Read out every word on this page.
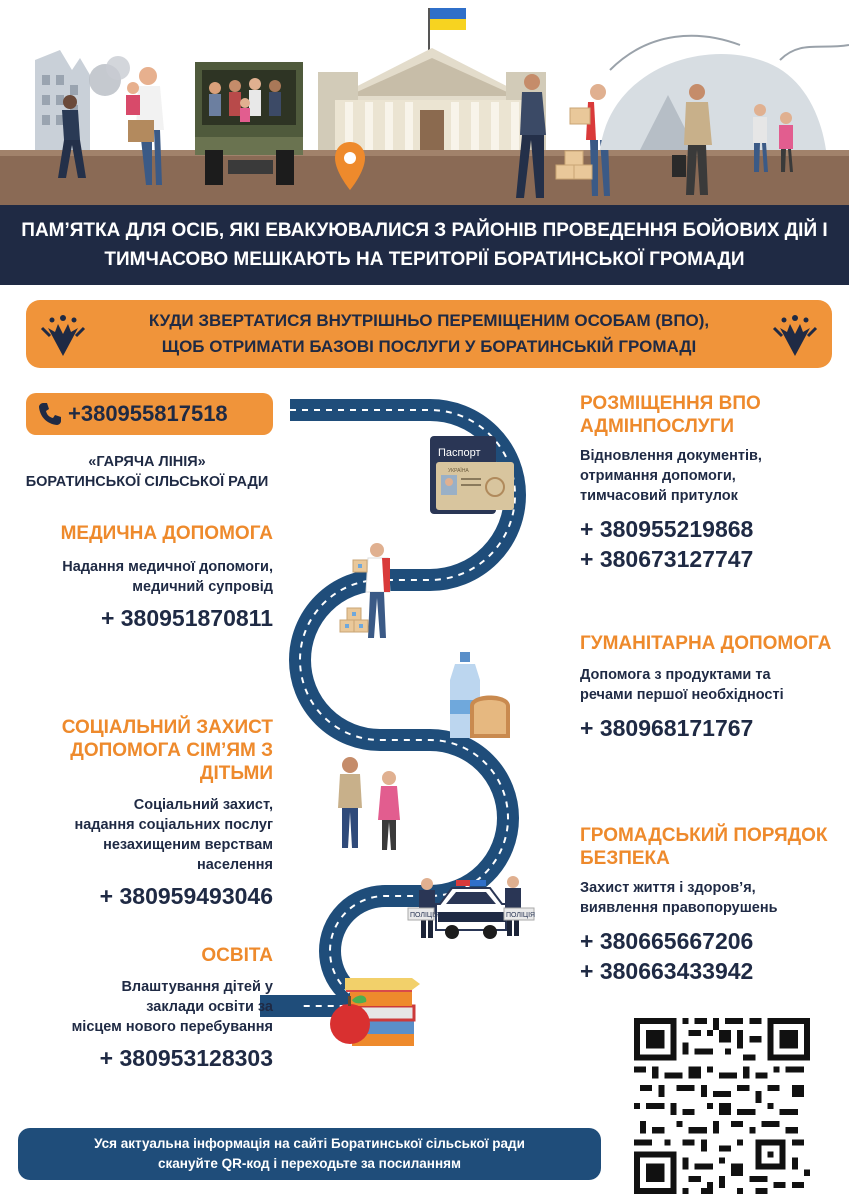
ПАМ’ЯТКА ДЛЯ ОСІБ, ЯКІ ЕВАКУЮВАЛИСЯ З РАЙОНІВ ПРОВЕДЕННЯ БОЙОВИХ ДІЙ І
ТИМЧАСОВО МЕШКАЮТЬ НА ТЕРИТОРІЇ БОРАТИНСЬКОЇ ГРОМАДИ
КУДИ ЗВЕРТАТИСЯ ВНУТРІШНЬО ПЕРЕМІЩЕНИМ ОСОБАМ (ВПО),
ЩОБ ОТРИМАТИ БАЗОВІ ПОСЛУГИ У БОРАТИНСЬКІЙ ГРОМАДІ
Паспорт
УКРАЇНА
ПОЛІЦІЯ	ПОЛІЦІЯ
+380955817518
«ГАРЯЧА ЛІНІЯ»
БОРАТИНСЬКОЇ СІЛЬСЬКОЇ РАДИ
МЕДИЧНА ДОПОМОГА
Надання медичної допомоги,
медичний супровід
+ 380951870811
СОЦІАЛЬНИЙ ЗАХИСТ
ДОПОМОГА СІМ’ЯМ З ДІТЬМИ
Соціальний захист,
надання соціальних послуг
незахищеним верствам
населення
+ 380959493046
ОСВІТА
Влаштування дітей у
заклади освіти за
місцем нового перебування
+ 380953128303
РОЗМІЩЕННЯ ВПО
АДМІНПОСЛУГИ
Відновлення документів,
отримання допомоги,
тимчасовий притулок
+ 380955219868
+ 380673127747
ГУМАНІТАРНА ДОПОМОГА
Допомога з продуктами та
речами першої необхідності
+ 380968171767
ГРОМАДСЬКИЙ ПОРЯДОК
БЕЗПЕКА
Захист життя і здоров’я,
виявлення правопорушень
+ 380665667206
+ 380663433942
Уся актуальна інформація на сайті Боратинської сільської ради
скануйте QR-код і переходьте за посиланням
